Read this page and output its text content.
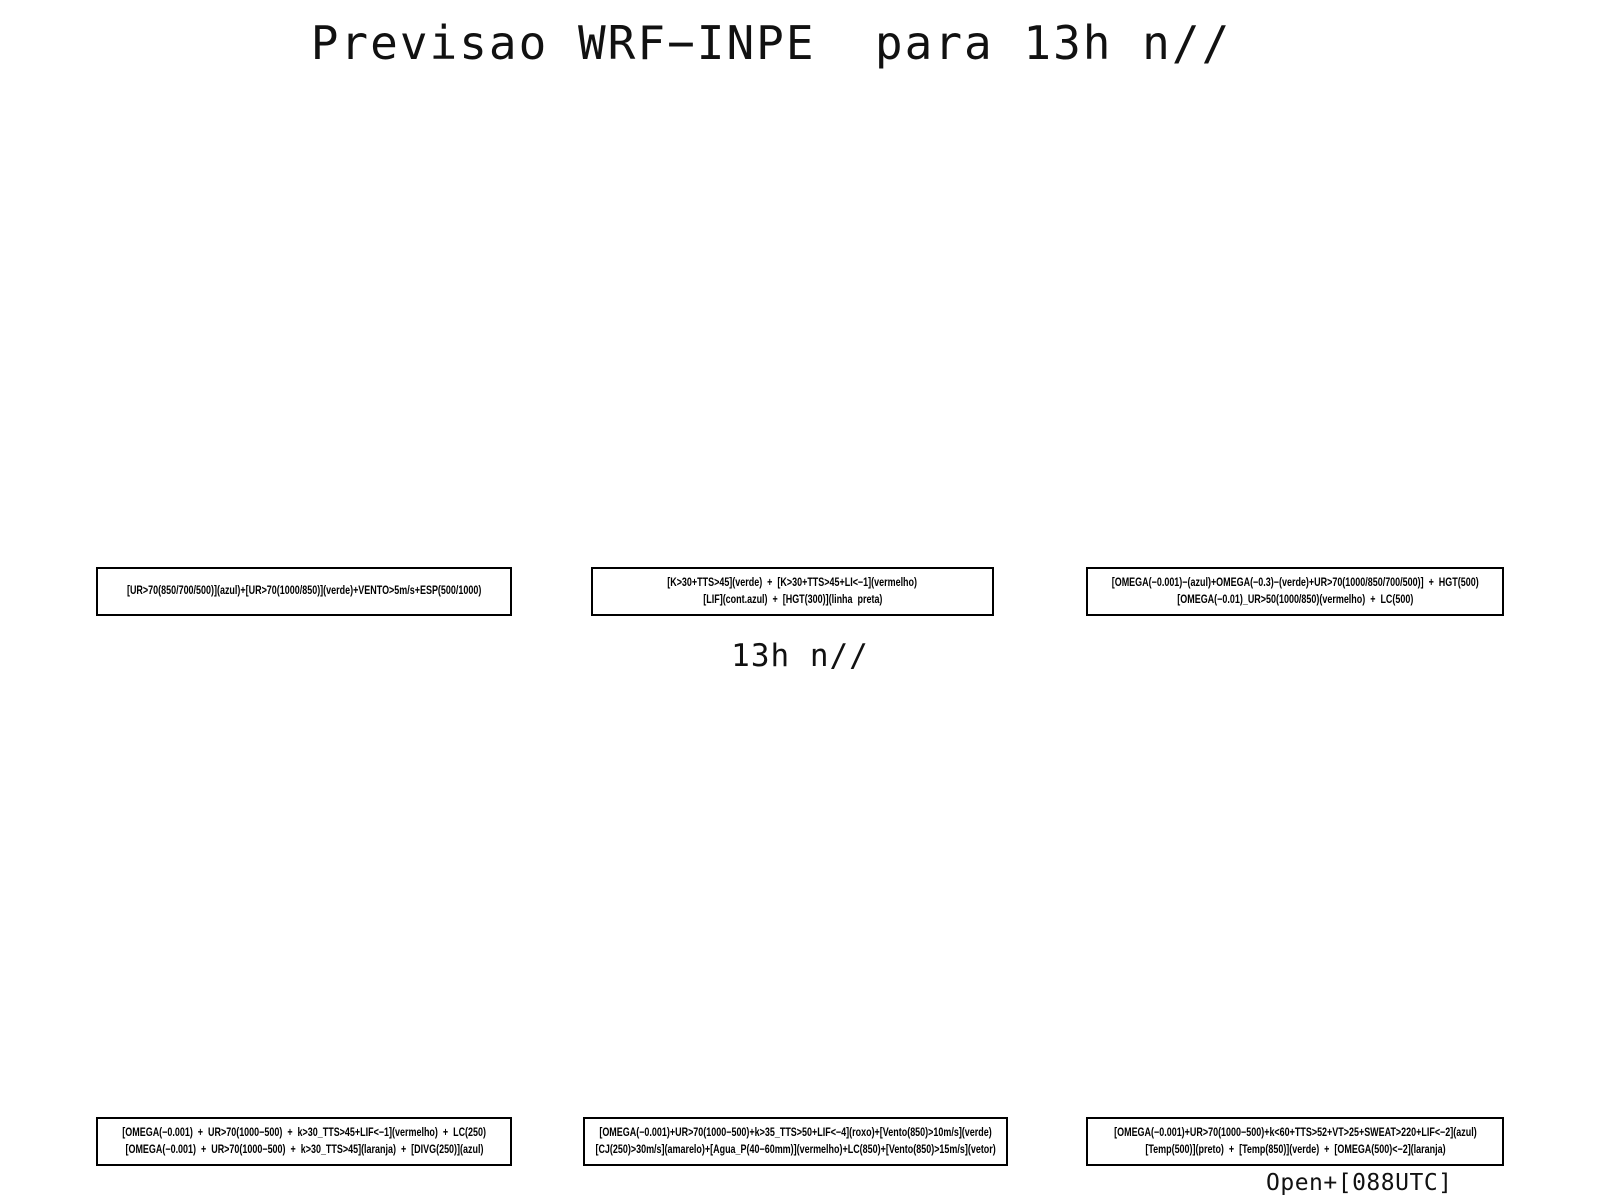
Previsao WRF−INPE  para 13h n//
[UR>70(850/700/500)](azul)+[UR>70(1000/850)](verde)+VENTO>5m/s+ESP(500/1000)
[K>30+TTS>45](verde)  +  [K>30+TTS>45+LI<−1](vermelho)
[LIF](cont.azul)  +  [HGT(300)](linha  preta)
[OMEGA(−0.001)−(azul)+OMEGA(−0.3)−(verde)+UR>70(1000/850/700/500)]  +  HGT(500)
[OMEGA(−0.01)_UR>50(1000/850)(vermelho)  +  LC(500)
13h n//
[OMEGA(−0.001)  +  UR>70(1000−500)  +  k>30_TTS>45+LIF<−1](vermelho)  +  LC(250)
[OMEGA(−0.001)  +  UR>70(1000−500)  +  k>30_TTS>45](laranja)  +  [DIVG(250)](azul)
[OMEGA(−0.001)+UR>70(1000−500)+k>35_TTS>50+LIF<−4](roxo)+[Vento(850)>10m/s](verde)
[CJ(250)>30m/s](amarelo)+[Agua_P(40−60mm)](vermelho)+LC(850)+[Vento(850)>15m/s](vetor)
[OMEGA(−0.001)+UR>70(1000−500)+k<60+TTS>52+VT>25+SWEAT>220+LIF<−2](azul)
[Temp(500)](preto)  +  [Temp(850)](verde)  +  [OMEGA(500)<−2](laranja)
Open+[088UTC]
